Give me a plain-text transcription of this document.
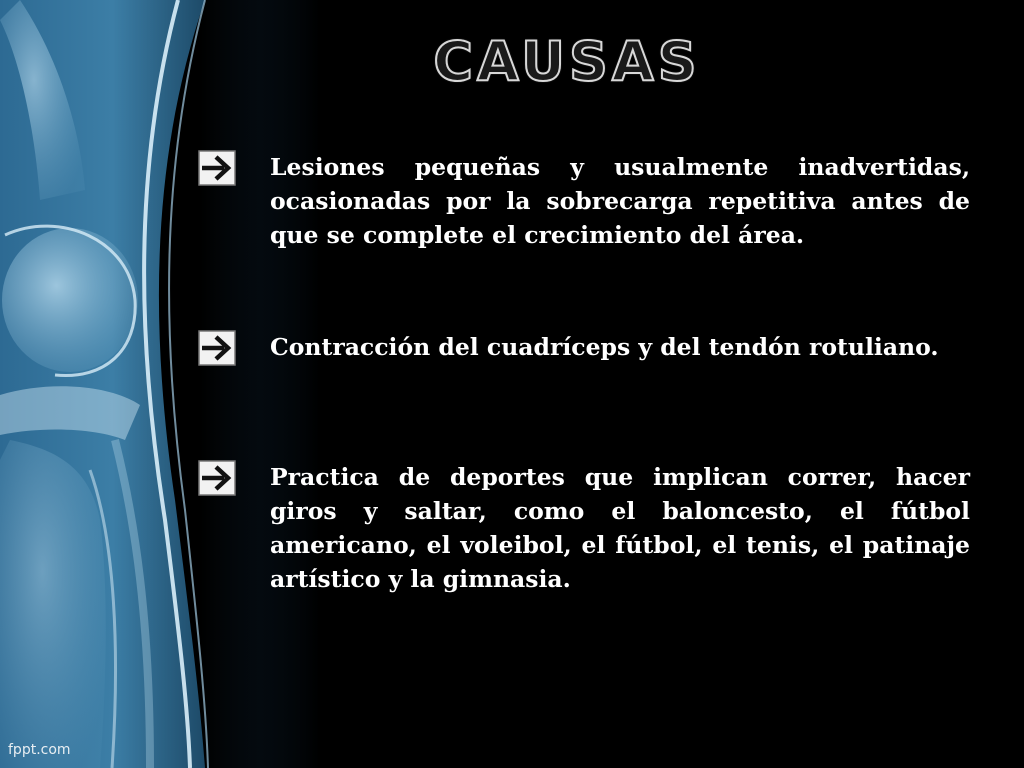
CAUSAS
Lesiones pequeñas y usualmente inadvertidas, ocasionadas por la sobrecarga repetitiva antes de que se complete el crecimiento del área.
Contracción del cuadríceps y del tendón rotuliano.
Practica de deportes que implican correr, hacer giros y saltar, como el baloncesto, el fútbol americano, el voleibol, el fútbol, el tenis, el patinaje artístico y la gimnasia.
fppt.com
